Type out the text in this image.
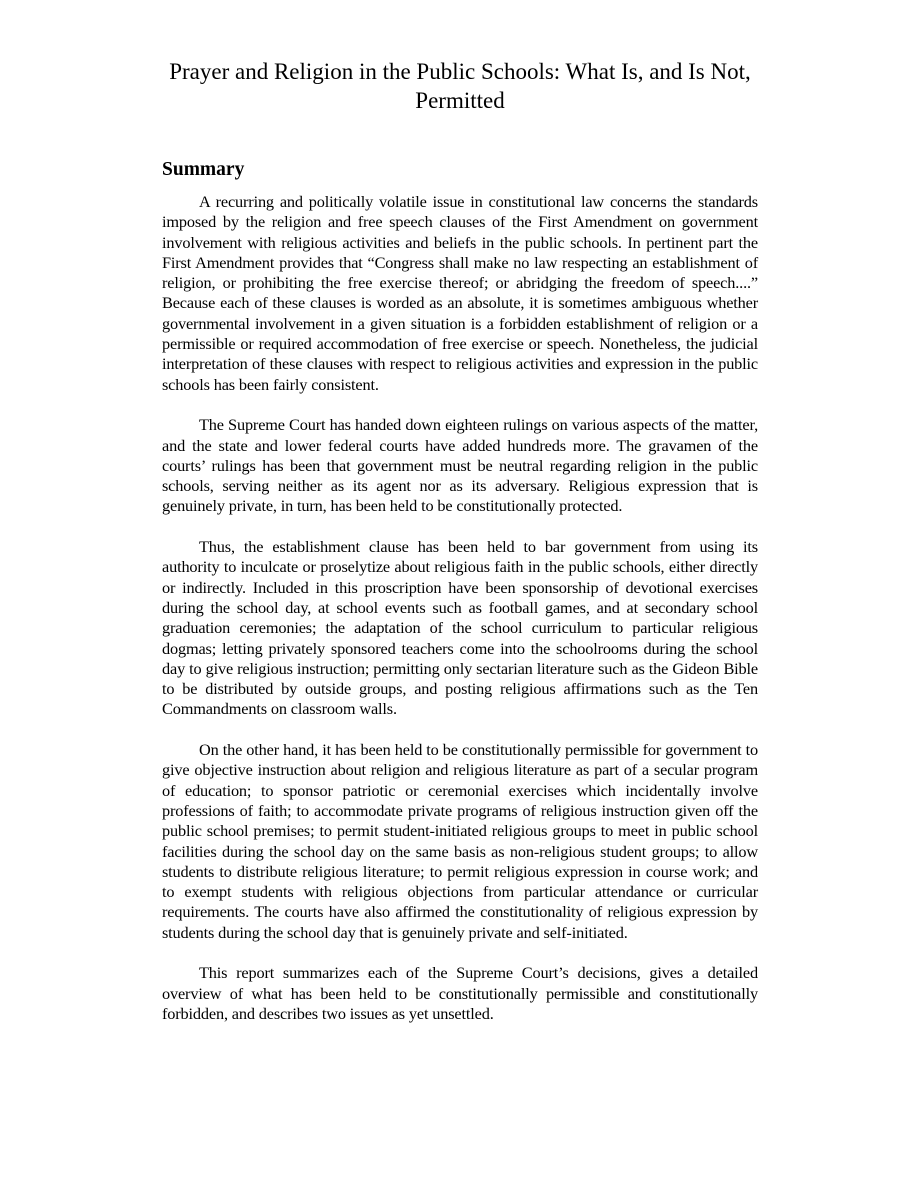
Prayer and Religion in the Public Schools: What Is, and Is Not, Permitted
Summary

A recurring and politically volatile issue in constitutional law concerns the standards imposed by the religion and free speech clauses of the First Amendment on government involvement with religious activities and beliefs in the public schools. In pertinent part the First Amendment provides that “Congress shall make no law respecting an establishment of religion, or prohibiting the free exercise thereof; or abridging the freedom of speech....” Because each of these clauses is worded as an absolute, it is sometimes ambiguous whether governmental involvement in a given situation is a forbidden establishment of religion or a permissible or required accommodation of free exercise or speech. Nonetheless, the judicial interpretation of these clauses with respect to religious activities and expression in the public schools has been fairly consistent.

The Supreme Court has handed down eighteen rulings on various aspects of the matter, and the state and lower federal courts have added hundreds more. The gravamen of the courts’ rulings has been that government must be neutral regarding religion in the public schools, serving neither as its agent nor as its adversary. Religious expression that is genuinely private, in turn, has been held to be constitutionally protected.

Thus, the establishment clause has been held to bar government from using its authority to inculcate or proselytize about religious faith in the public schools, either directly or indirectly. Included in this proscription have been sponsorship of devotional exercises during the school day, at school events such as football games, and at secondary school graduation ceremonies; the adaptation of the school curriculum to particular religious dogmas; letting privately sponsored teachers come into the schoolrooms during the school day to give religious instruction; permitting only sectarian literature such as the Gideon Bible to be distributed by outside groups, and posting religious affirmations such as the Ten Commandments on classroom walls.

On the other hand, it has been held to be constitutionally permissible for government to give objective instruction about religion and religious literature as part of a secular program of education; to sponsor patriotic or ceremonial exercises which incidentally involve professions of faith; to accommodate private programs of religious instruction given off the public school premises; to permit student-initiated religious groups to meet in public school facilities during the school day on the same basis as non-religious student groups; to allow students to distribute religious literature; to permit religious expression in course work; and to exempt students with religious objections from particular attendance or curricular requirements. The courts have also affirmed the constitutionality of religious expression by students during the school day that is genuinely private and self-initiated.

This report summarizes each of the Supreme Court’s decisions, gives a detailed overview of what has been held to be constitutionally permissible and constitutionally forbidden, and describes two issues as yet unsettled.
